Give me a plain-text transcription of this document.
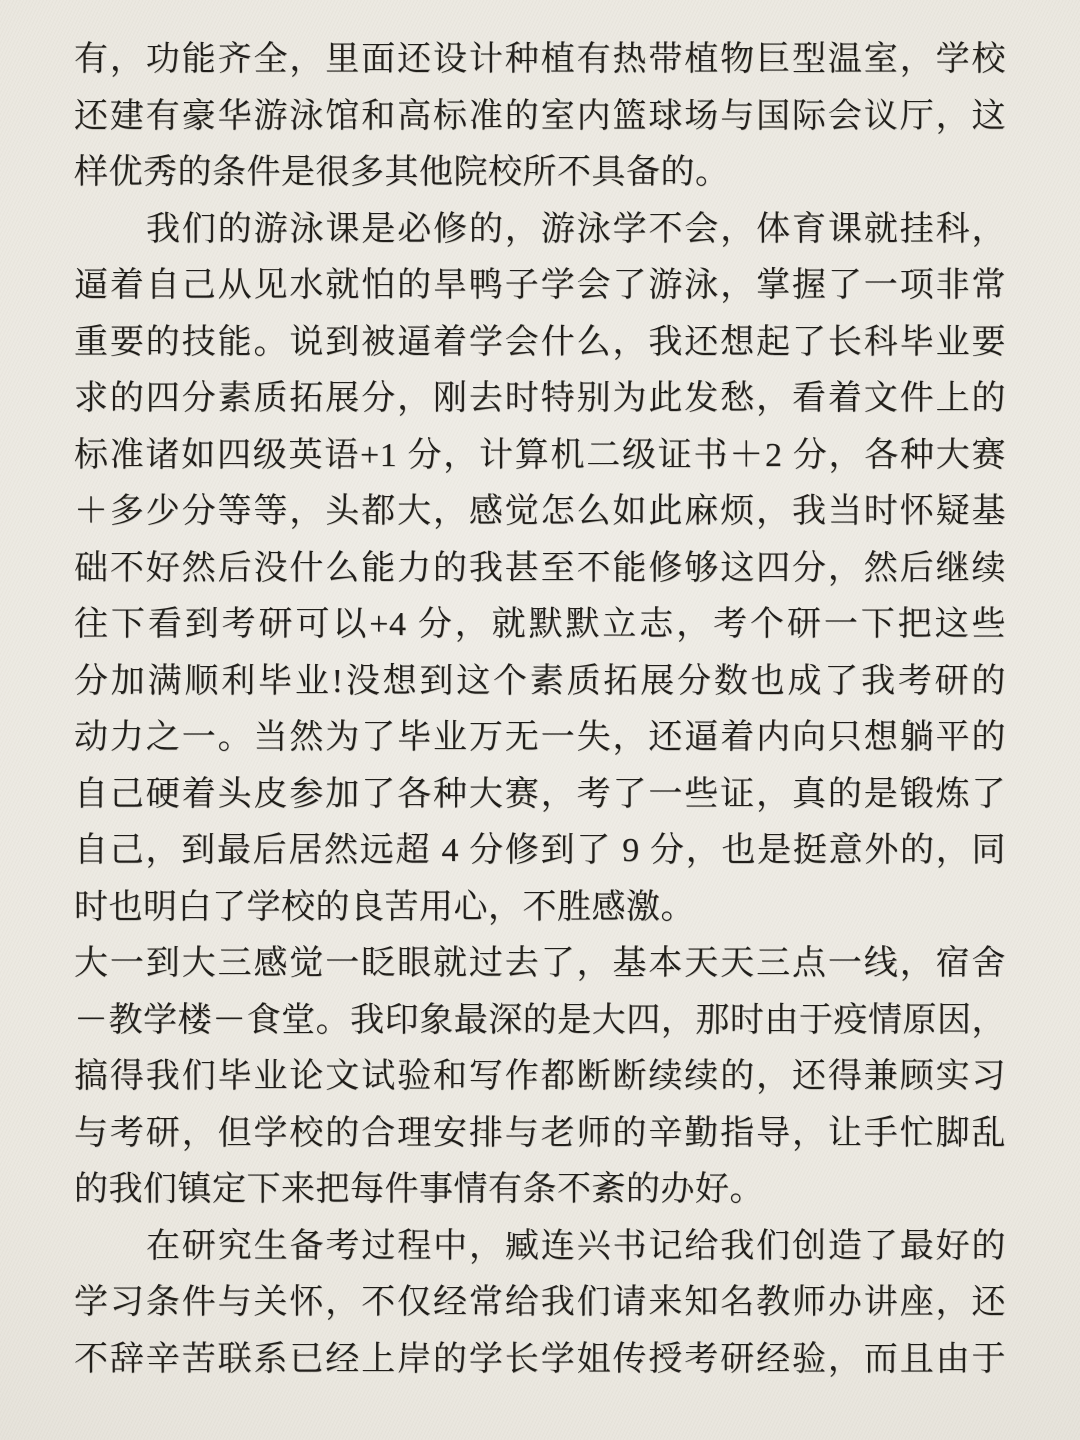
有，功能齐全，里面还设计种植有热带植物巨型温室，学校
还建有豪华游泳馆和高标准的室内篮球场与国际会议厅，这
样优秀的条件是很多其他院校所不具备的。
我们的游泳课是必修的，游泳学不会，体育课就挂科，
逼着自己从见水就怕的旱鸭子学会了游泳，掌握了一项非常
重要的技能。说到被逼着学会什么，我还想起了长科毕业要
求的四分素质拓展分，刚去时特别为此发愁，看着文件上的
标准诸如四级英语+1 分，计算机二级证书＋2 分，各种大赛
＋多少分等等，头都大，感觉怎么如此麻烦，我当时怀疑基
础不好然后没什么能力的我甚至不能修够这四分，然后继续
往下看到考研可以+4 分，就默默立志，考个研一下把这些
分加满顺利毕业!没想到这个素质拓展分数也成了我考研的
动力之一。当然为了毕业万无一失，还逼着内向只想躺平的
自己硬着头皮参加了各种大赛，考了一些证，真的是锻炼了
自己，到最后居然远超 4 分修到了 9 分，也是挺意外的，同
时也明白了学校的良苦用心，不胜感激。
大一到大三感觉一眨眼就过去了，基本天天三点一线，宿舍
－教学楼－食堂。我印象最深的是大四，那时由于疫情原因，
搞得我们毕业论文试验和写作都断断续续的，还得兼顾实习
与考研，但学校的合理安排与老师的辛勤指导，让手忙脚乱
的我们镇定下来把每件事情有条不紊的办好。
在研究生备考过程中，臧连兴书记给我们创造了最好的
学习条件与关怀，不仅经常给我们请来知名教师办讲座，还
不辞辛苦联系已经上岸的学长学姐传授考研经验，而且由于
